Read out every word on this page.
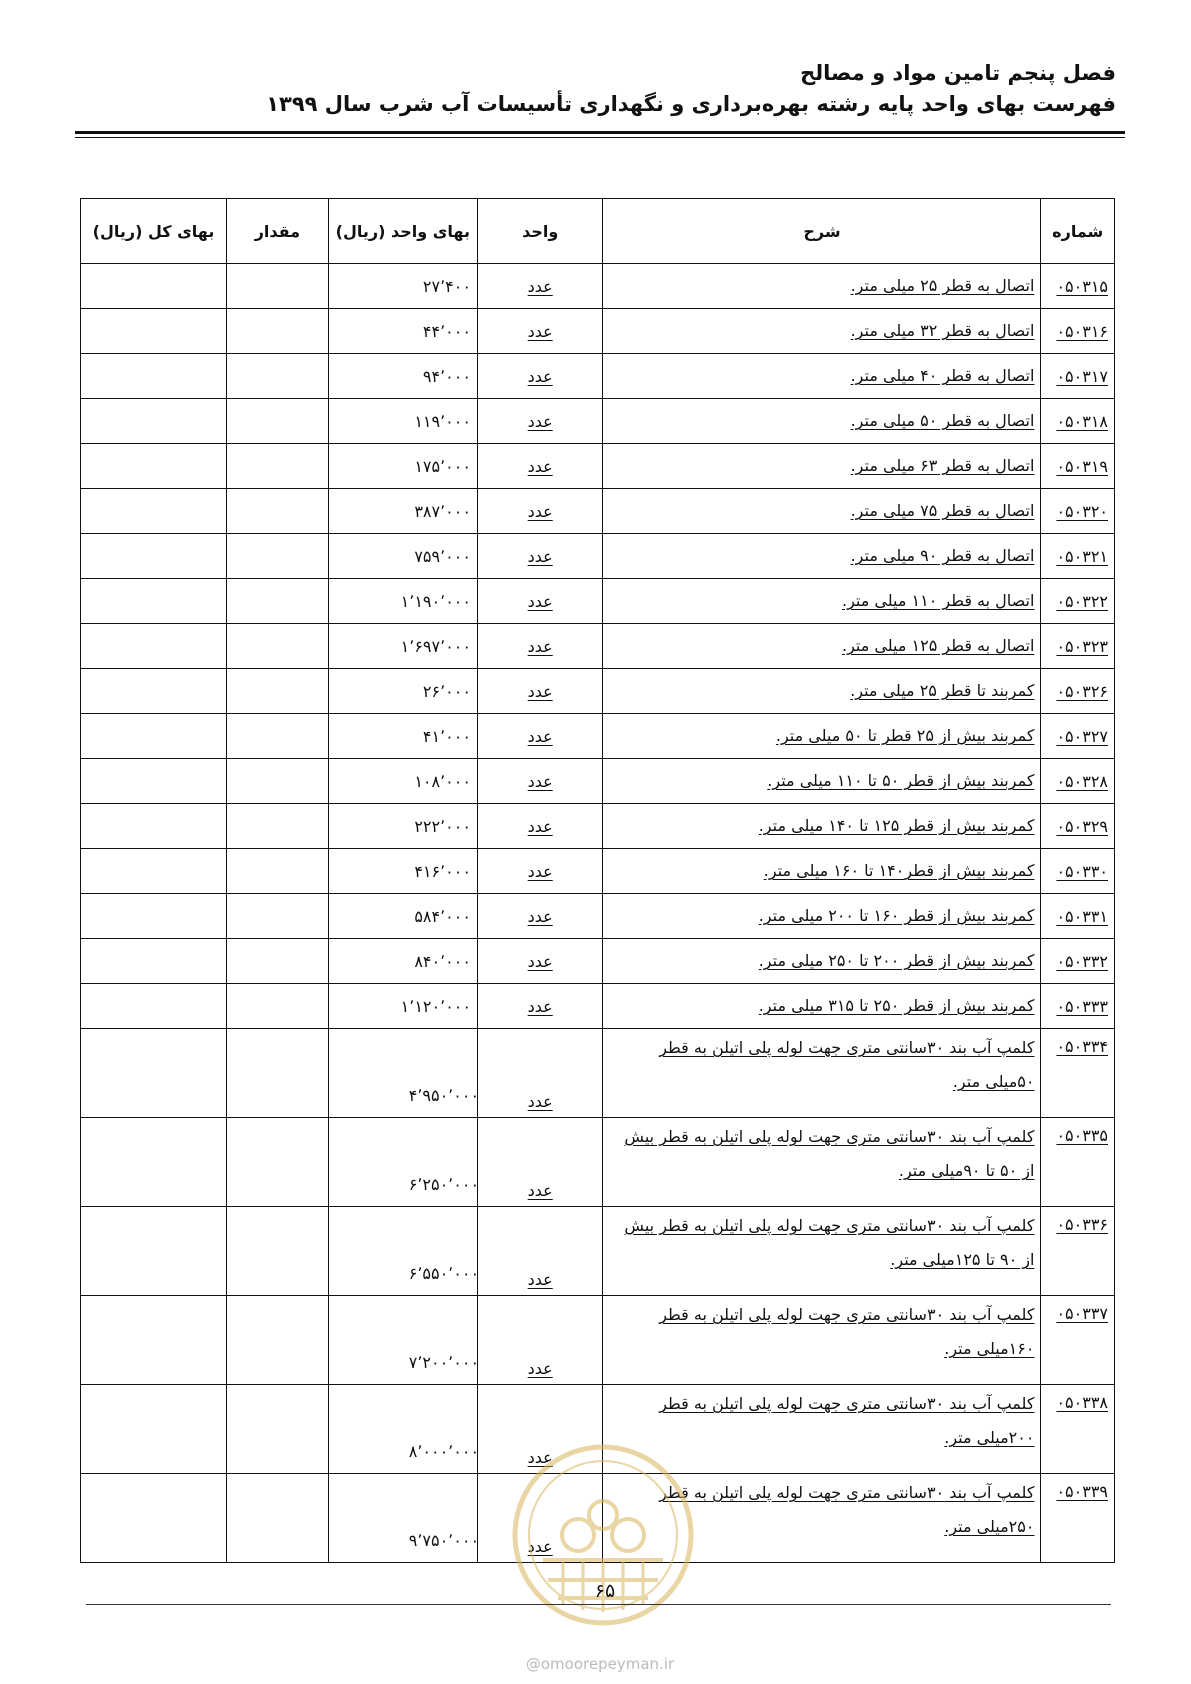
فصل پنجم تامین مواد و مصالح
فهرست بهای واحد پایه رشته بهره‌برداری و نگهداری تأسیسات آب شرب سال ۱۳۹۹
شماره	شرح	واحد	بهای واحد (ریال)	مقدار	بهای کل (ریال)
۰۵۰۳۱۵	اتصال به قطر ۲۵ میلی متر.	عدد	۲۷٬۴۰۰		
۰۵۰۳۱۶	اتصال به قطر ۳۲ میلی متر.	عدد	۴۴٬۰۰۰		
۰۵۰۳۱۷	اتصال به قطر ۴۰ میلی متر.	عدد	۹۴٬۰۰۰		
۰۵۰۳۱۸	اتصال به قطر ۵۰ میلی متر.	عدد	۱۱۹٬۰۰۰		
۰۵۰۳۱۹	اتصال به قطر ۶۳ میلی متر.	عدد	۱۷۵٬۰۰۰		
۰۵۰۳۲۰	اتصال به قطر ۷۵ میلی متر.	عدد	۳۸۷٬۰۰۰		
۰۵۰۳۲۱	اتصال به قطر ۹۰ میلی متر.	عدد	۷۵۹٬۰۰۰		
۰۵۰۳۲۲	اتصال به قطر ۱۱۰ میلی متر.	عدد	۱٬۱۹۰٬۰۰۰		
۰۵۰۳۲۳	اتصال به قطر ۱۲۵ میلی متر.	عدد	۱٬۶۹۷٬۰۰۰		
۰۵۰۳۲۶	کمربند تا قطر ۲۵ میلی متر.	عدد	۲۶٬۰۰۰		
۰۵۰۳۲۷	کمربند بیش از ۲۵ قطر تا ۵۰ میلی متر.	عدد	۴۱٬۰۰۰		
۰۵۰۳۲۸	کمربند بیش از قطر ۵۰ تا ۱۱۰ میلی متر.	عدد	۱۰۸٬۰۰۰		
۰۵۰۳۲۹	کمربند بیش از قطر ۱۲۵ تا ۱۴۰ میلی متر.	عدد	۲۲۲٬۰۰۰		
۰۵۰۳۳۰	کمربند بیش از قطر۱۴۰ تا ۱۶۰ میلی متر.	عدد	۴۱۶٬۰۰۰		
۰۵۰۳۳۱	کمربند بیش از قطر ۱۶۰ تا ۲۰۰ میلی متر.	عدد	۵۸۴٬۰۰۰		
۰۵۰۳۳۲	کمربند بیش از قطر ۲۰۰ تا ۲۵۰ میلی متر.	عدد	۸۴۰٬۰۰۰		
۰۵۰۳۳۳	کمربند بیش از قطر ۲۵۰ تا ۳۱۵ میلی متر.	عدد	۱٬۱۲۰٬۰۰۰		
۰۵۰۳۳۴	کلمپ آب بند ۳۰سانتی متری جهت لوله پلی اتیلن به قطر ۵۰میلی متر.	عدد	۴٬۹۵۰٬۰۰۰		
۰۵۰۳۳۵	کلمپ آب بند ۳۰سانتی متری جهت لوله پلی اتیلن به قطر بیش از ۵۰ تا ۹۰میلی متر.	عدد	۶٬۲۵۰٬۰۰۰		
۰۵۰۳۳۶	کلمپ آب بند ۳۰سانتی متری جهت لوله پلی اتیلن به قطر بیش از ۹۰ تا ۱۲۵میلی متر.	عدد	۶٬۵۵۰٬۰۰۰		
۰۵۰۳۳۷	کلمپ آب بند ۳۰سانتی متری جهت لوله پلی اتیلن به قطر ۱۶۰میلی متر.	عدد	۷٬۲۰۰٬۰۰۰		
۰۵۰۳۳۸	کلمپ آب بند ۳۰سانتی متری جهت لوله پلی اتیلن به قطر ۲۰۰میلی متر.	عدد	۸٬۰۰۰٬۰۰۰		
۰۵۰۳۳۹	کلمپ آب بند ۳۰سانتی متری جهت لوله پلی اتیلن به قطر ۲۵۰میلی متر.	عدد	۹٬۷۵۰٬۰۰۰		
۶۵
@omoorepeyman.ir
